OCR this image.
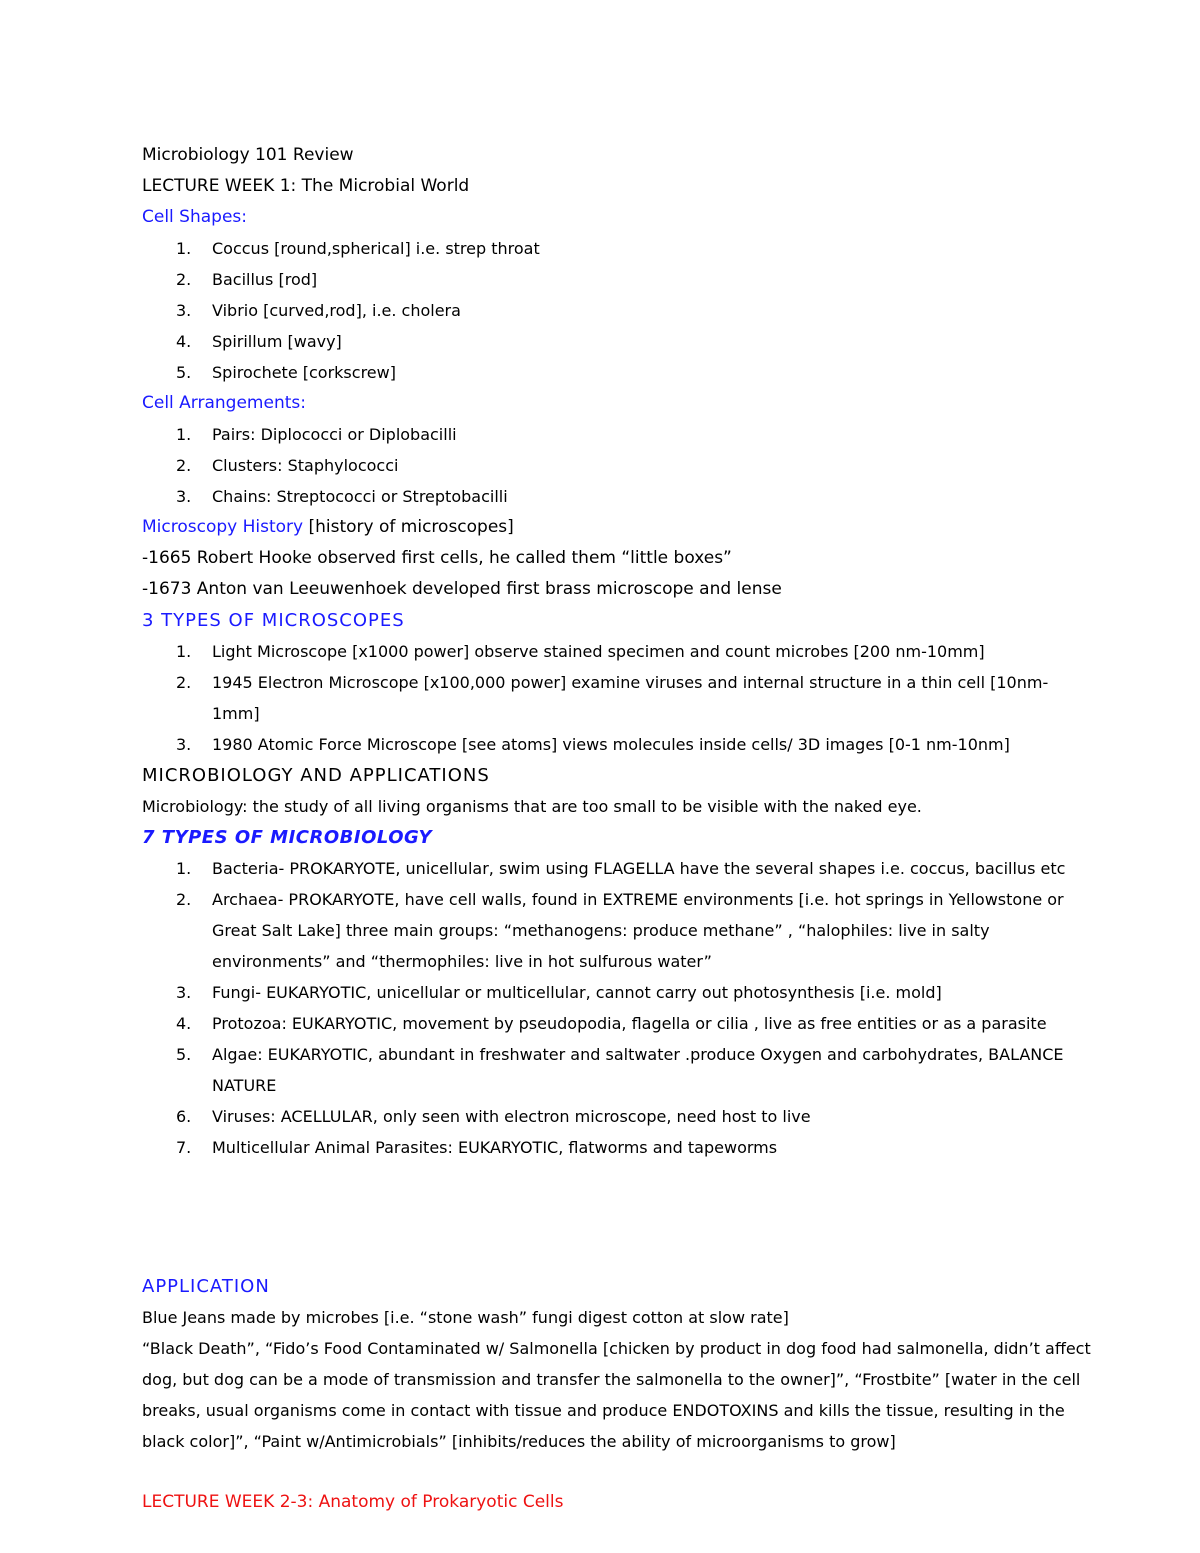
Microbiology 101 Review
LECTURE WEEK 1: The Microbial World
Cell Shapes:
1. Coccus [round,spherical] i.e. strep throat
2. Bacillus [rod]
3. Vibrio [curved,rod], i.e. cholera
4. Spirillum [wavy]
5. Spirochete [corkscrew]
Cell Arrangements:
1. Pairs: Diplococci or Diplobacilli
2. Clusters: Staphylococci
3. Chains: Streptococci or Streptobacilli
Microscopy History [history of microscopes]
-1665 Robert Hooke observed first cells, he called them “little boxes”
-1673 Anton van Leeuwenhoek developed first brass microscope and lense
3 TYPES OF MICROSCOPES
1. Light Microscope [x1000 power] observe stained specimen and count microbes [200 nm-10mm]
2. 1945 Electron Microscope [x100,000 power] examine viruses and internal structure in a thin cell [10nm-1mm]
3. 1980 Atomic Force Microscope [see atoms] views molecules inside cells/ 3D images [0-1 nm-10nm]
MICROBIOLOGY AND APPLICATIONS
Microbiology: the study of all living organisms that are too small to be visible with the naked eye.
7 TYPES OF MICROBIOLOGY
1. Bacteria- PROKARYOTE, unicellular, swim using FLAGELLA have the several shapes i.e. coccus, bacillus etc
2. Archaea- PROKARYOTE, have cell walls, found in EXTREME environments [i.e. hot springs in Yellowstone or Great Salt Lake] three main groups: “methanogens: produce methane” , “halophiles: live in salty environments” and “thermophiles: live in hot sulfurous water”
3. Fungi- EUKARYOTIC, unicellular or multicellular, cannot carry out photosynthesis [i.e. mold]
4. Protozoa: EUKARYOTIC, movement by pseudopodia, flagella or cilia , live as free entities or as a parasite
5. Algae: EUKARYOTIC, abundant in freshwater and saltwater .produce Oxygen and carbohydrates, BALANCE NATURE
6. Viruses: ACELLULAR, only seen with electron microscope, need host to live
7. Multicellular Animal Parasites: EUKARYOTIC, flatworms and tapeworms
APPLICATION
Blue Jeans made by microbes [i.e. “stone wash” fungi digest cotton at slow rate]
“Black Death”, “Fido’s Food Contaminated w/ Salmonella [chicken by product in dog food had salmonella, didn’t affect dog, but dog can be a mode of transmission and transfer the salmonella to the owner]”, “Frostbite” [water in the cell breaks, usual organisms come in contact with tissue and produce ENDOTOXINS and kills the tissue, resulting in the black color]”, “Paint w/Antimicrobials” [inhibits/reduces the ability of microorganisms to grow]
LECTURE WEEK 2-3: Anatomy of Prokaryotic Cells
